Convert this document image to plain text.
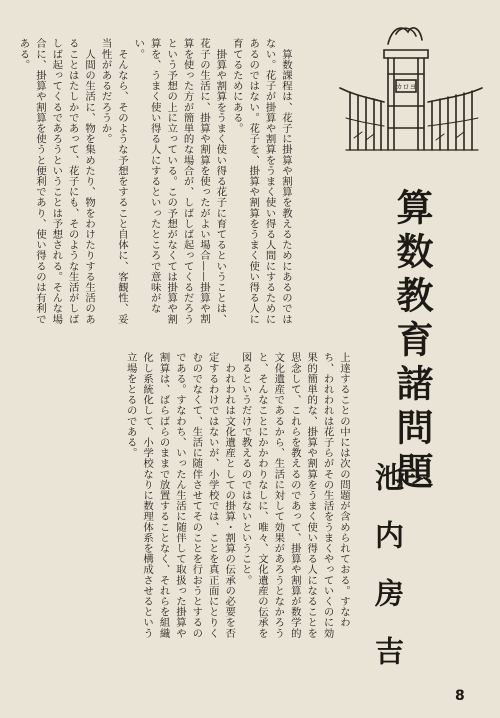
カロヨ
算数教育諸問題
池内房吉
　算数課程は、花子に掛算や割算を教えるためにあるのではない。花子が掛算や割算をうまく使い得る人間にするためにあるのではない。花子を、掛算や割算をうまく使い得る人に育てるためにある。
　掛算や割算をうまく使い得る花子に育てるということは、花子の生活に、掛算や割算を使ったがよい場合——掛算や割算を使った方が簡単的な場合が、しばしば起ってくるだろうという予想の上に立っている。この予想がなくては掛算や割算を、うまく使い得る人にするといったところで意味がない。
　そんなら、そのような予想をすること自体に、客観性、妥当性があるだろうか。
　人間の生活に、物を集めたり、物をわけたりする生活のあることはたしかであって、花子にも、そのような生活がしばしば起ってくるであろうということは予想される。そんな場合に、掛算や割算を使うと便利であり、使い得るのは有利である。
上達することの中には次の問題が含められておる。すなわち、われわれは花子らがその生活をうまくやっていくのに効果的簡単的な、掛算や割算をうまく使い得る人になることを思念して、これらを教えるのであって、掛算や割算が数学的文化遺産であるから、生活に対して効果があろうとなかろうと、そんなことにかかわりなしに、唯々、文化遺産の伝承を図るというだけで教えるのではないということ。
　われわれは文化遺産としての掛算・割算の伝承の必要を否定するわけではないが、小学校では、ことを真正面にとりくむのでなくて、生活に随伴させてそのことを行おうとするのである。すなわち、いったん生活に随伴して取扱った掛算や割算は、ばらばらのままで放置することなく、それらを組織化し系統化して、小学校なりに数理体系を構成させるという立場をとるのである。
8
